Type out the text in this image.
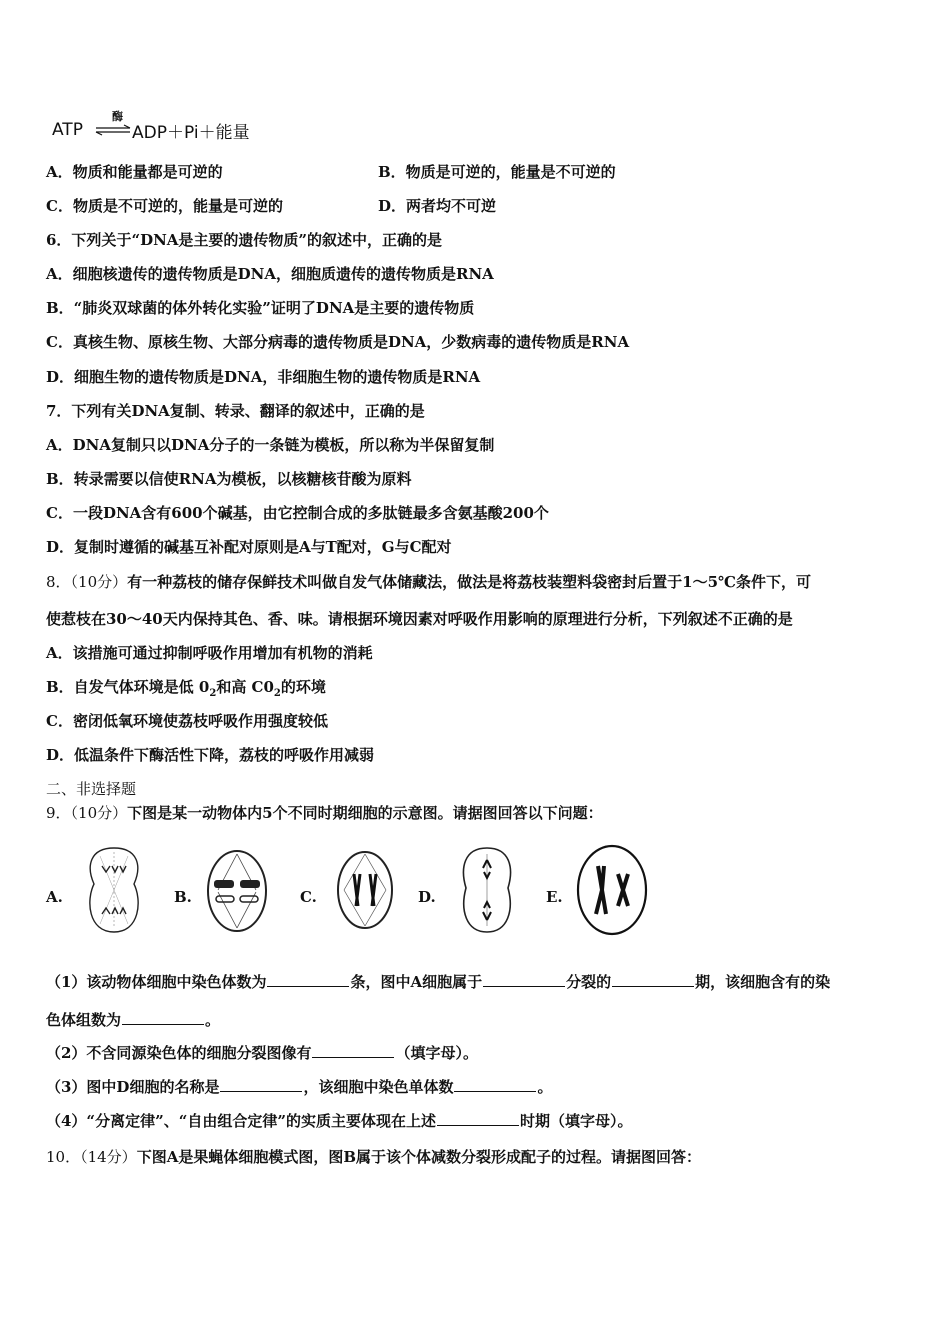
ATP
酶
ADP＋Pi＋能量
A．物质和能量都是可逆的	B．物质是可逆的，能量是不可逆的
C．物质是不可逆的，能量是可逆的	D．两者均不可逆
6．下列关于“DNA是主要的遗传物质”的叙述中，正确的是
A．细胞核遗传的遗传物质是DNA，细胞质遗传的遗传物质是RNA
B．“肺炎双球菌的体外转化实验”证明了DNA是主要的遗传物质
C．真核生物、原核生物、大部分病毒的遗传物质是DNA，少数病毒的遗传物质是RNA
D．细胞生物的遗传物质是DNA，非细胞生物的遗传物质是RNA
7．下列有关DNA复制、转录、翻译的叙述中，正确的是
A．DNA复制只以DNA分子的一条链为模板，所以称为半保留复制
B．转录需要以信使RNA为模板，以核糖核苷酸为原料
C．一段DNA含有600个碱基，由它控制合成的多肽链最多含氨基酸200个
D．复制时遵循的碱基互补配对原则是A与T配对，G与C配对
8．（10分）有一种荔枝的储存保鲜技术叫做自发气体储藏法，做法是将荔枝装塑料袋密封后置于1～5℃条件下，可
使惹枝在30～40天内保持其色、香、味。请根据环境因素对呼吸作用影响的原理进行分析，下列叙述不正确的是
A．该措施可通过抑制呼吸作用增加有机物的消耗
B．自发气体环境是低 $0_2$和高 $C0_2$的环境
C．密闭低氧环境使荔枝呼吸作用强度较低
D．低温条件下酶活性下降，荔枝的呼吸作用减弱
二、非选择题
9．（10分）下图是某一动物体内5个不同时期细胞的示意图。请据图回答以下问题：
A.	B.	C.	D.	E.
（1）该动物体细胞中染色体数为	条，图中A细胞属于	分裂的	期，该细胞含有的染
色体组数为	。
（2）不含同源染色体的细胞分裂图像有	（填字母）。
（3）图中D细胞的名称是	，该细胞中染色单体数	。
（4）“分离定律”、“自由组合定律”的实质主要体现在上述	时期（填字母）。
10．（14分）下图A是果蝇体细胞模式图，图B属于该个体减数分裂形成配子的过程。请据图回答：
